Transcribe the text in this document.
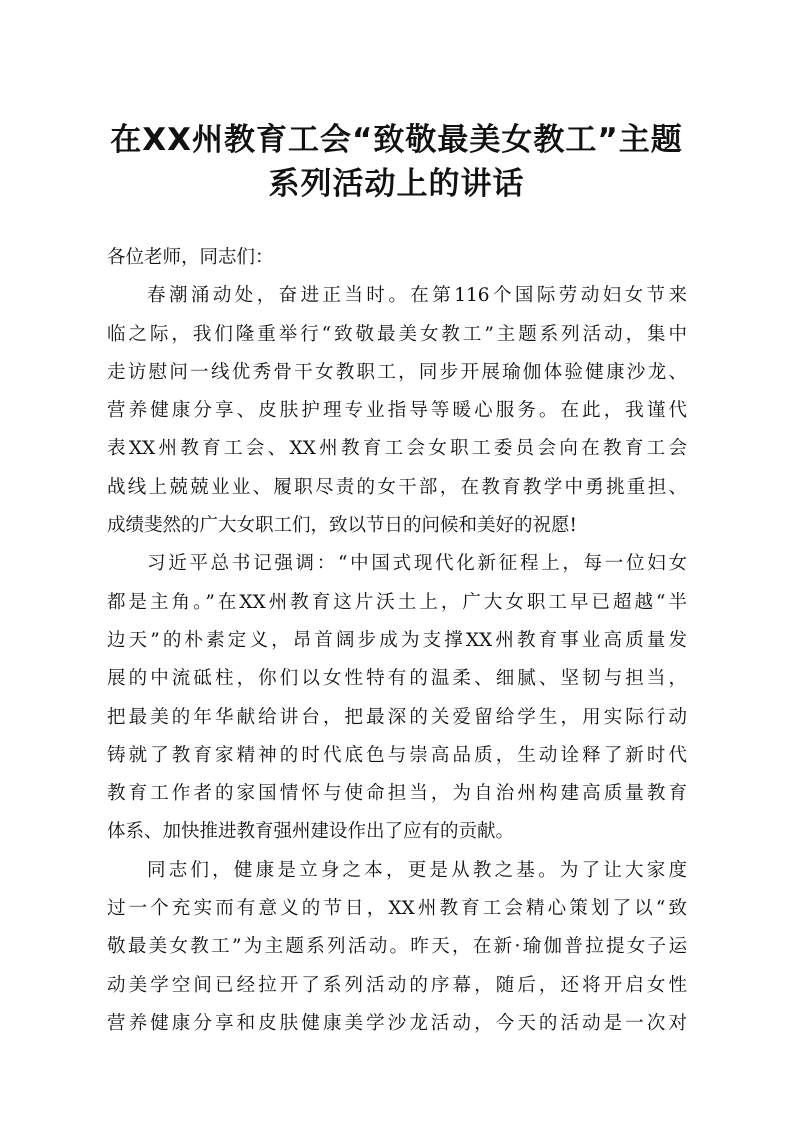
在XX州教育工会“致敬最美女教工”主题
系列活动上的讲话
各位老师，同志们：
春潮涌动处，奋进正当时。在第116个国际劳动妇女节来
临之际，我们隆重举行“致敬最美女教工”主题系列活动，集中
走访慰问一线优秀骨干女教职工，同步开展瑜伽体验健康沙龙、
营养健康分享、皮肤护理专业指导等暖心服务。在此，我谨代
表XX州教育工会、XX州教育工会女职工委员会向在教育工会
战线上兢兢业业、履职尽责的女干部，在教育教学中勇挑重担、
成绩斐然的广大女职工们，致以节日的问候和美好的祝愿!
习近平总书记强调：“中国式现代化新征程上，每一位妇女
都是主角。”在XX州教育这片沃土上，广大女职工早已超越“半
边天”的朴素定义，昂首阔步成为支撑XX州教育事业高质量发
展的中流砥柱，你们以女性特有的温柔、细腻、坚韧与担当，
把最美的年华献给讲台，把最深的关爱留给学生，用实际行动
铸就了教育家精神的时代底色与崇高品质，生动诠释了新时代
教育工作者的家国情怀与使命担当，为自治州构建高质量教育
体系、加快推进教育强州建设作出了应有的贡献。
同志们，健康是立身之本，更是从教之基。为了让大家度
过一个充实而有意义的节日，XX州教育工会精心策划了以“致
敬最美女教工”为主题系列活动。昨天，在新·瑜伽普拉提女子运
动美学空间已经拉开了系列活动的序幕，随后，还将开启女性
营养健康分享和皮肤健康美学沙龙活动，今天的活动是一次对
